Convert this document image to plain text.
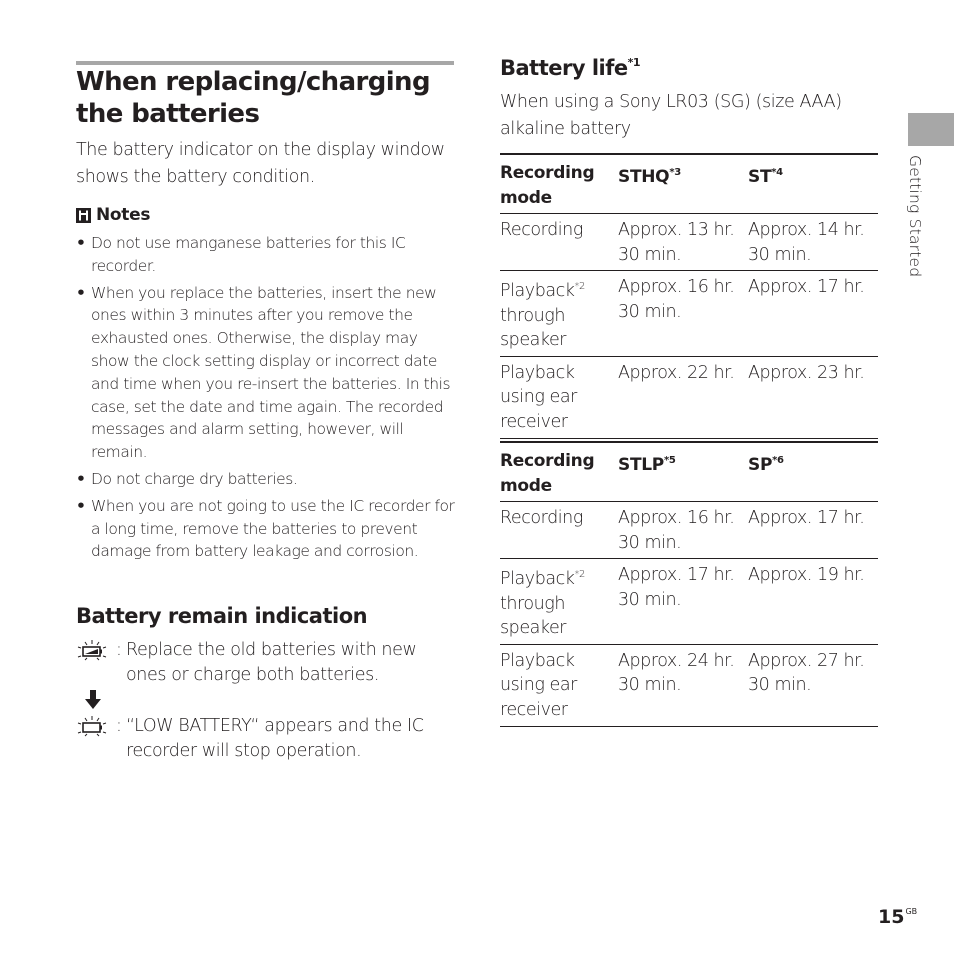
When replacing/charging the batteries
The battery indicator on the display window shows the battery condition.
Notes
• Do not use manganese batteries for this IC recorder.
• When you replace the batteries, insert the new ones within 3 minutes after you remove the exhausted ones. Otherwise, the display may show the clock setting display or incorrect date and time when you re-insert the batteries. In this case, set the date and time again. The recorded messages and alarm setting, however, will remain.
• Do not charge dry batteries.
• When you are not going to use the IC recorder for a long time, remove the batteries to prevent damage from battery leakage and corrosion.
Battery remain indication
: Replace the old batteries with new ones or charge both batteries.
: “LOW BATTERY“ appears and the IC recorder will stop operation.
Battery life$^{*1}$
When using a Sony LR03 (SG) (size AAA) alkaline battery
Recording mode	STHQ$^{*3}$	ST$^{*4}$
Recording	Approx. 13 hr. 30 min.	Approx. 14 hr. 30 min.
Playback$^{*2}$ through speaker	Approx. 16 hr. 30 min.	Approx. 17 hr.
Playback using ear receiver	Approx. 22 hr.	Approx. 23 hr.
Recording mode	STLP$^{*5}$	SP$^{*6}$
Recording	Approx. 16 hr. 30 min.	Approx. 17 hr.
Playback$^{*2}$ through speaker	Approx. 17 hr. 30 min.	Approx. 19 hr.
Playback using ear receiver	Approx. 24 hr. 30 min.	Approx. 27 hr. 30 min.
Getting Started
$15^{GB}$
